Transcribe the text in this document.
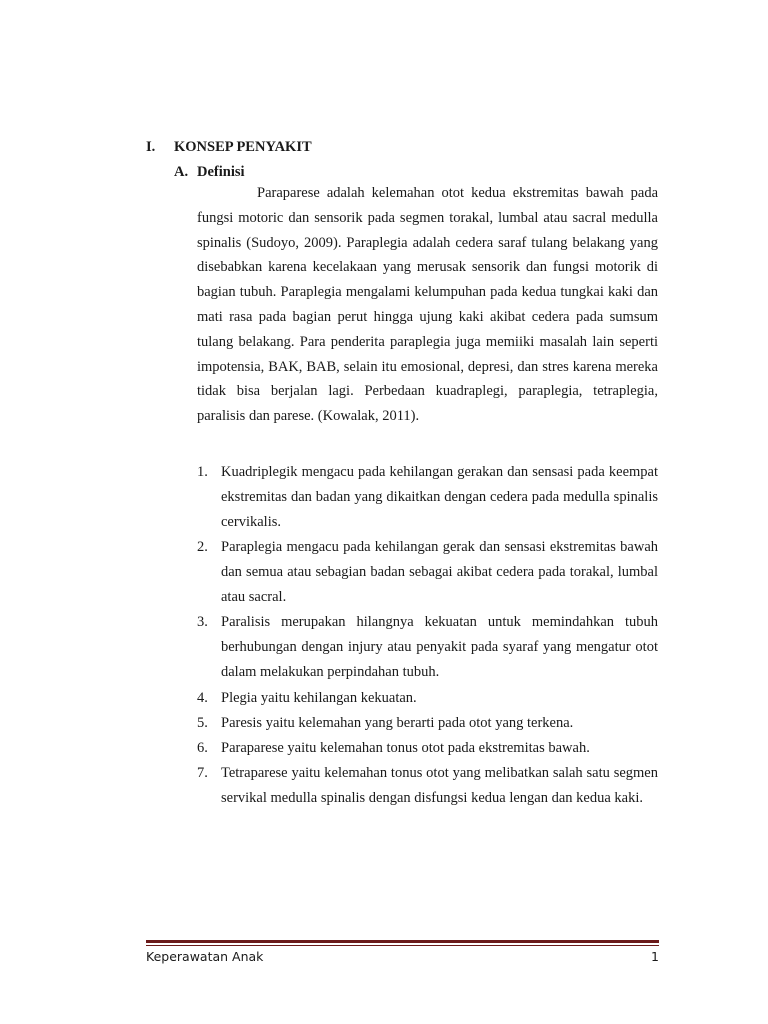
I. KONSEP PENYAKIT
A. Definisi

Paraparese adalah kelemahan otot kedua ekstremitas bawah pada fungsi motoric dan sensorik pada segmen torakal, lumbal atau sacral medulla spinalis (Sudoyo, 2009). Paraplegia adalah cedera saraf tulang belakang yang disebabkan karena kecelakaan yang merusak sensorik dan fungsi motorik di bagian tubuh. Paraplegia mengalami kelumpuhan pada kedua tungkai kaki dan mati rasa pada bagian perut hingga ujung kaki akibat cedera pada sumsum tulang belakang. Para penderita paraplegia juga memiiki masalah lain seperti impotensia, BAK, BAB, selain itu emosional, depresi, dan stres karena mereka tidak bisa berjalan lagi. Perbedaan kuadraplegi, paraplegia, tetraplegia, paralisis dan parese. (Kowalak, 2011).

1. Kuadriplegik mengacu pada kehilangan gerakan dan sensasi pada keempat ekstremitas dan badan yang dikaitkan dengan cedera pada medulla spinalis cervikalis.
2. Paraplegia mengacu pada kehilangan gerak dan sensasi ekstremitas bawah dan semua atau sebagian badan sebagai akibat cedera pada torakal, lumbal atau sacral.
3. Paralisis merupakan hilangnya kekuatan untuk memindahkan tubuh berhubungan dengan injury atau penyakit pada syaraf yang mengatur otot dalam melakukan perpindahan tubuh.
4. Plegia yaitu kehilangan kekuatan.
5. Paresis yaitu kelemahan yang berarti pada otot yang terkena.
6. Paraparese yaitu kelemahan tonus otot pada ekstremitas bawah.
7. Tetraparese yaitu kelemahan tonus otot yang melibatkan salah satu segmen servikal medulla spinalis dengan disfungsi kedua lengan dan kedua kaki.
Keperawatan Anak	1
